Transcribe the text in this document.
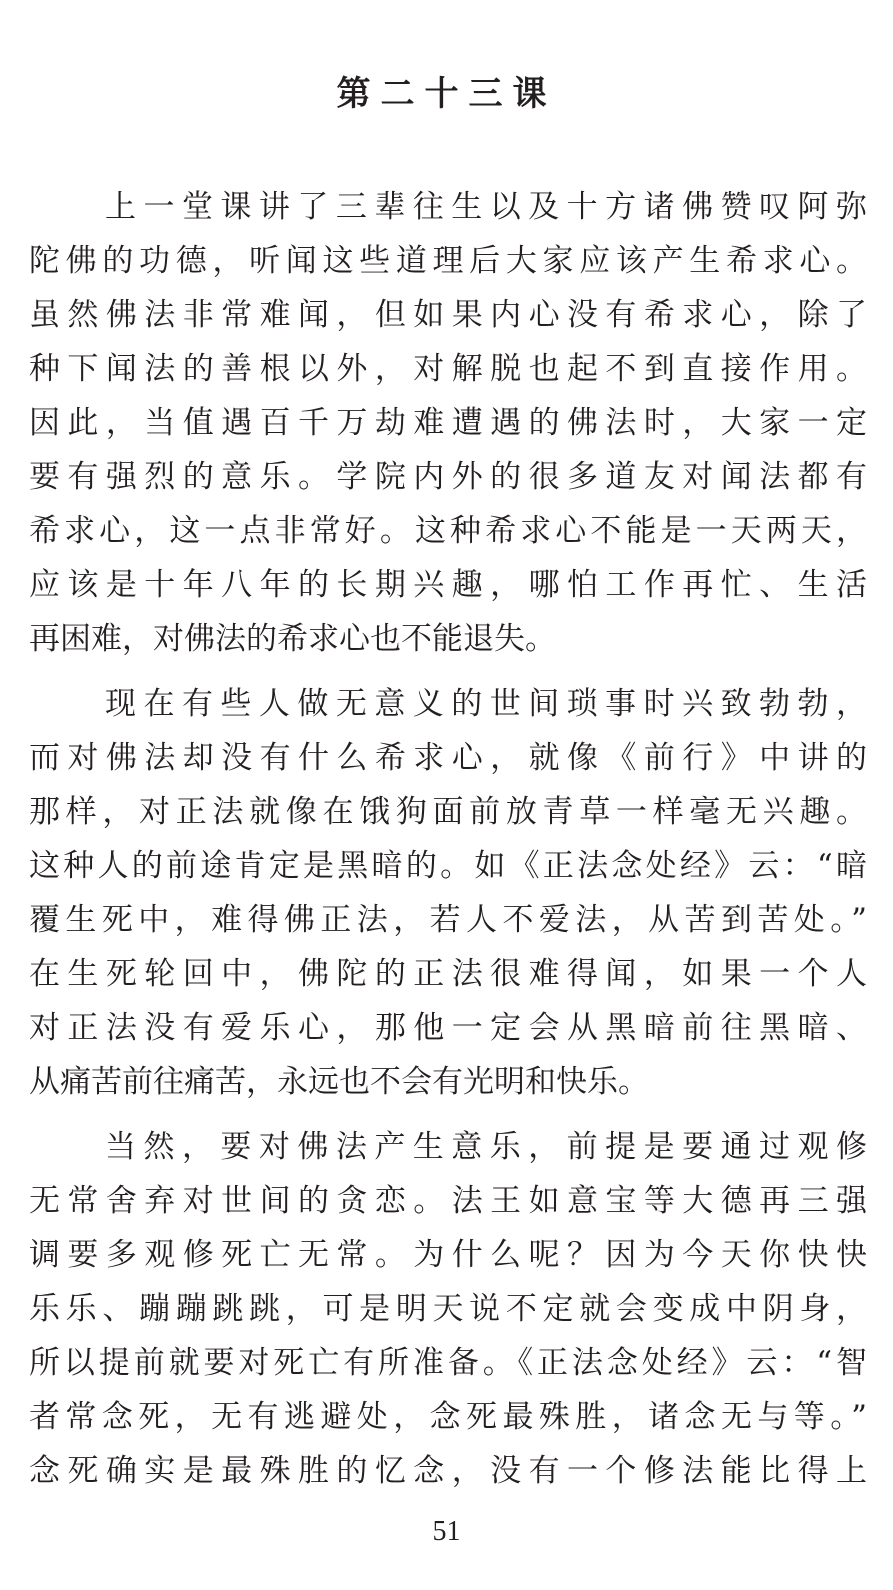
第二十三课
上一堂课讲了三辈往生以及十方诸佛赞叹阿弥
陀佛的功德，听闻这些道理后大家应该产生希求心。
虽然佛法非常难闻，但如果内心没有希求心，除了
种下闻法的善根以外，对解脱也起不到直接作用。
因此，当值遇百千万劫难遭遇的佛法时，大家一定
要有强烈的意乐。学院内外的很多道友对闻法都有
希求心，这一点非常好。这种希求心不能是一天两天，
应该是十年八年的长期兴趣，哪怕工作再忙、生活
再困难，对佛法的希求心也不能退失。
现在有些人做无意义的世间琐事时兴致勃勃，
而对佛法却没有什么希求心，就像《前行》中讲的
那样，对正法就像在饿狗面前放青草一样毫无兴趣。
这种人的前途肯定是黑暗的。如《正法念处经》云：“暗
覆生死中，难得佛正法，若人不爱法，从苦到苦处。”
在生死轮回中，佛陀的正法很难得闻，如果一个人
对正法没有爱乐心，那他一定会从黑暗前往黑暗、
从痛苦前往痛苦，永远也不会有光明和快乐。
当然，要对佛法产生意乐，前提是要通过观修
无常舍弃对世间的贪恋。法王如意宝等大德再三强
调要多观修死亡无常。为什么呢？因为今天你快快
乐乐、蹦蹦跳跳，可是明天说不定就会变成中阴身，
所以提前就要对死亡有所准备。《正法念处经》云：“智
者常念死，无有逃避处，念死最殊胜，诸念无与等。”
念死确实是最殊胜的忆念，没有一个修法能比得上
51
